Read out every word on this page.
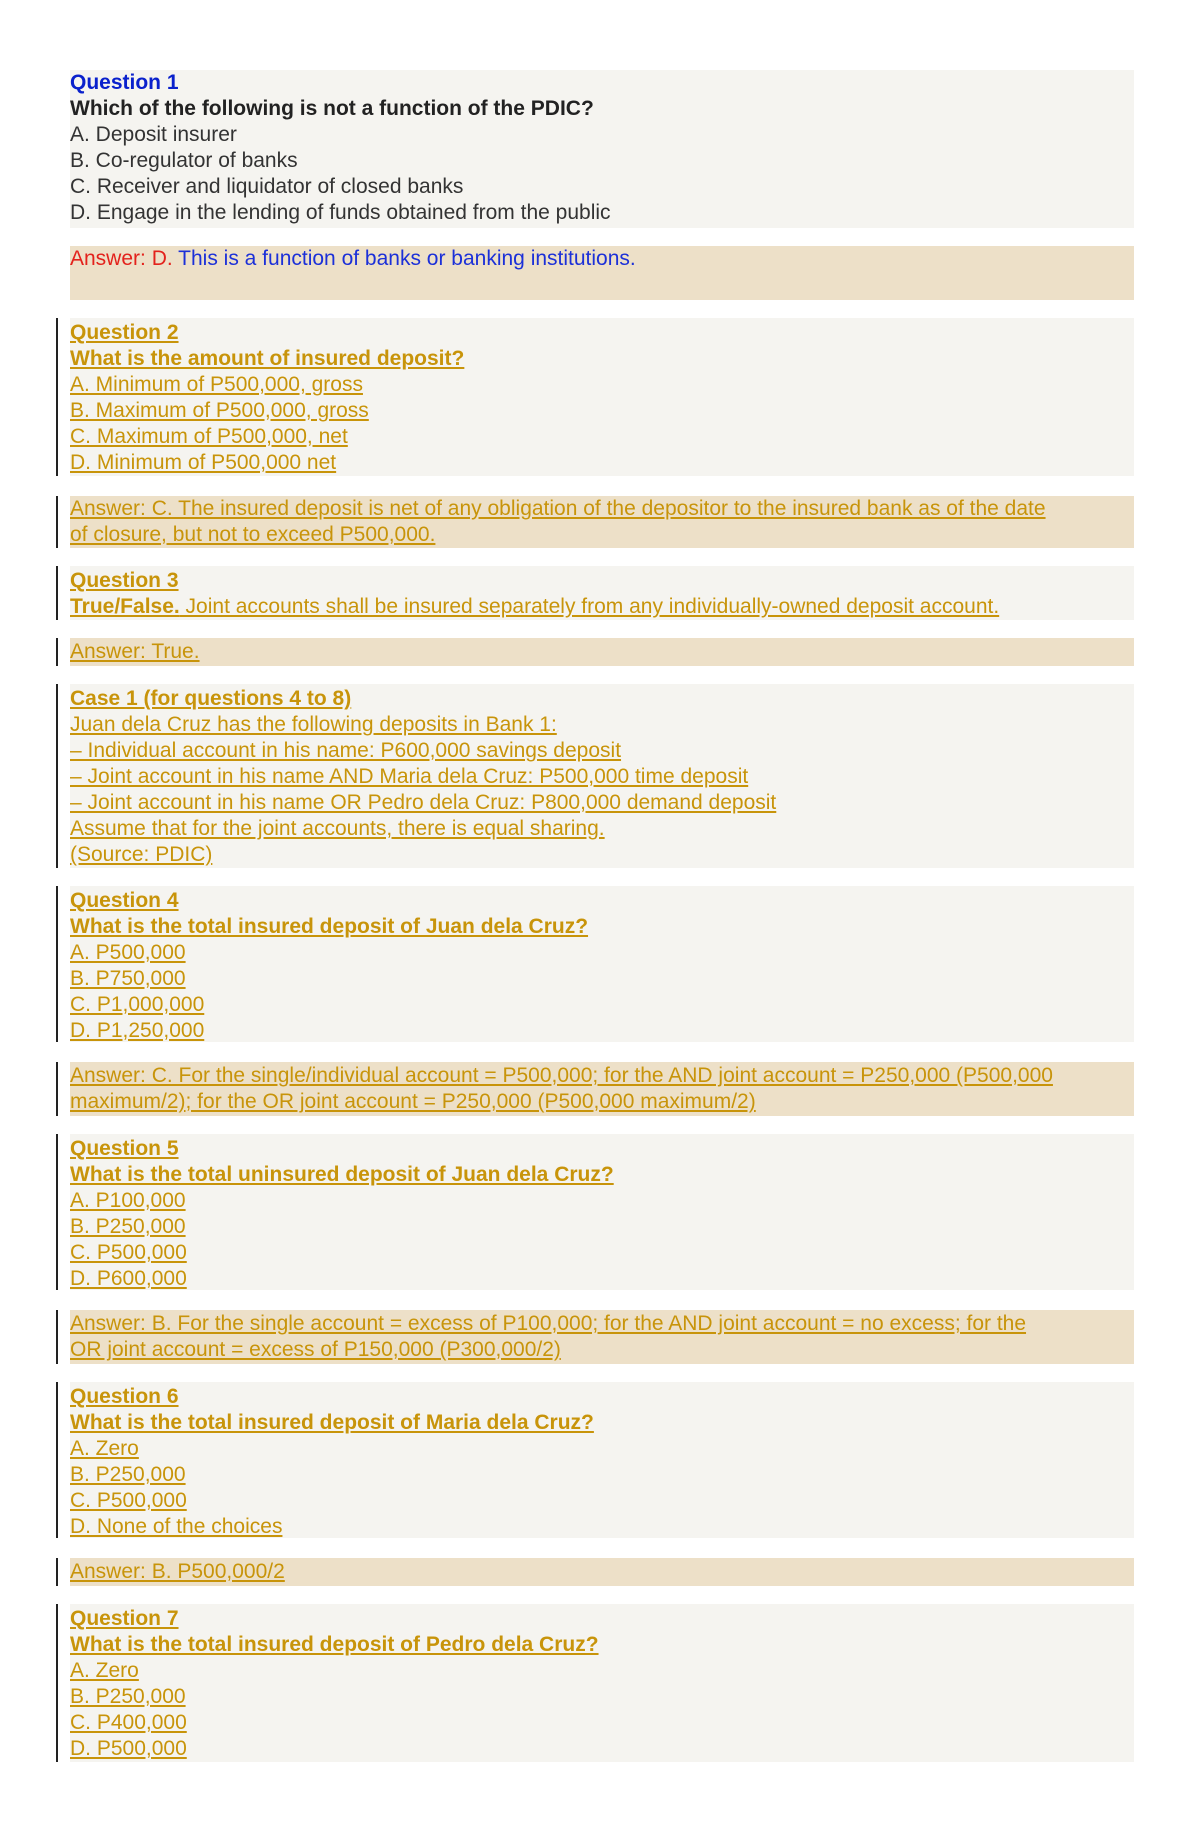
Question 1
Which of the following is not a function of the PDIC?
A. Deposit insurer
B. Co-regulator of banks
C. Receiver and liquidator of closed banks
D. Engage in the lending of funds obtained from the public
Answer: D. This is a function of banks or banking institutions.
Question 2
What is the amount of insured deposit?
A. Minimum of P500,000, gross
B. Maximum of P500,000, gross
C. Maximum of P500,000, net
D. Minimum of P500,000 net
Answer: C. The insured deposit is net of any obligation of the depositor to the insured bank as of the date
of closure, but not to exceed P500,000.
Question 3
True/False. Joint accounts shall be insured separately from any individually-owned deposit account.
Answer: True.
Case 1 (for questions 4 to 8)
Juan dela Cruz has the following deposits in Bank 1:
– Individual account in his name: P600,000 savings deposit
– Joint account in his name AND Maria dela Cruz: P500,000 time deposit
– Joint account in his name OR Pedro dela Cruz: P800,000 demand deposit
Assume that for the joint accounts, there is equal sharing.
(Source: PDIC)
Question 4
What is the total insured deposit of Juan dela Cruz?
A. P500,000
B. P750,000
C. P1,000,000
D. P1,250,000
Answer: C. For the single/individual account = P500,000; for the AND joint account = P250,000 (P500,000
maximum/2); for the OR joint account = P250,000 (P500,000 maximum/2)
Question 5
What is the total uninsured deposit of Juan dela Cruz?
A. P100,000
B. P250,000
C. P500,000
D. P600,000
Answer: B. For the single account = excess of P100,000; for the AND joint account = no excess; for the
OR joint account = excess of P150,000 (P300,000/2)
Question 6
What is the total insured deposit of Maria dela Cruz?
A. Zero
B. P250,000
C. P500,000
D. None of the choices
Answer: B. P500,000/2
Question 7
What is the total insured deposit of Pedro dela Cruz?
A. Zero
B. P250,000
C. P400,000
D. P500,000
